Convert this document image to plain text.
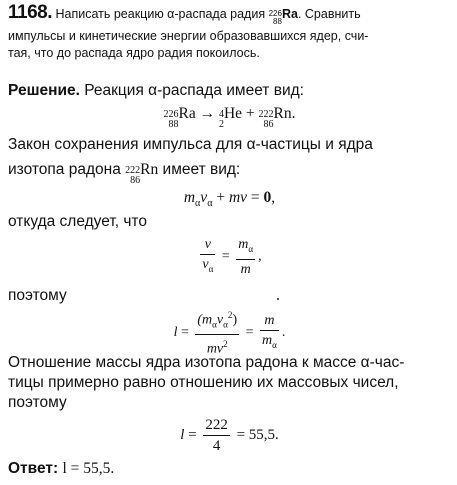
1168. Написать реакцию α-распада радия 226
88
Ra. Сравнить
импульсы и кинетические энергии образовавшихся ядер, счи-
тая, что до распада ядро радия покоилось.
Решение. Реакция α-распада имеет вид:
226
88
Ra → 4
2
He + 222
86
Rn.
Закон сохранения импульса для α-частицы и ядра
изотопа радона 222
86
Rn имеет вид:
$m_\alpha v_\alpha$ + mv = 0,
откуда следует, что
$\frac{v}{v_\alpha} = \frac{m_\alpha}{m}$ ,
поэтому
$l = \frac{(m_\alpha v_\alpha^2)}{mv^2} = \frac{m}{m_\alpha}$ .
Отношение массы ядра изотопа радона к массе α-час-
тицы примерно равно отношению их массовых чисел,
поэтому
$l = \frac{222}{4} = 55,5$.
Ответ: l = 55,5.
